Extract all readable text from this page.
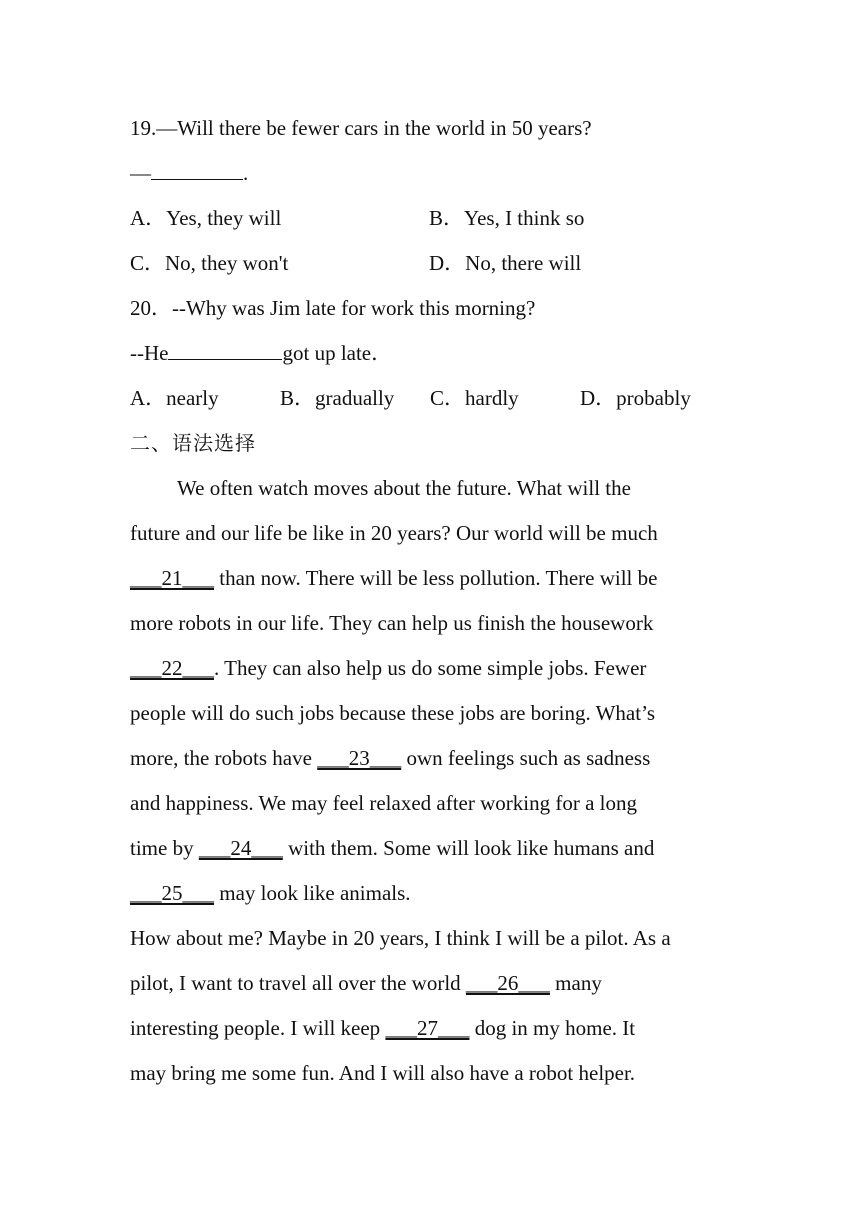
19.—Will there be fewer cars in the world in 50 years?
—	.
A．Yes, they will	B．Yes, I think so
C．No, they won't	D．No, there will
20．--Why was Jim late for work this morning?
--He	got up late．
A．nearly	B．gradually C．hardly	D．probably
二、语法选择
We often watch moves about the future. What will the
future and our life be like in 20 years? Our world will be much
___21___ than now. There will be less pollution. There will be
more robots in our life. They can help us finish the housework
___22___. They can also help us do some simple jobs. Fewer
people will do such jobs because these jobs are boring. What’s
more, the robots have ___23___ own feelings such as sadness
and happiness. We may feel relaxed after working for a long
time by ___24___ with them. Some will look like humans and
___25___ may look like animals.
How about me? Maybe in 20 years, I think I will be a pilot. As a
pilot, I want to travel all over the world ___26___ many
interesting people. I will keep ___27___ dog in my home. It
may bring me some fun. And I will also have a robot helper.
